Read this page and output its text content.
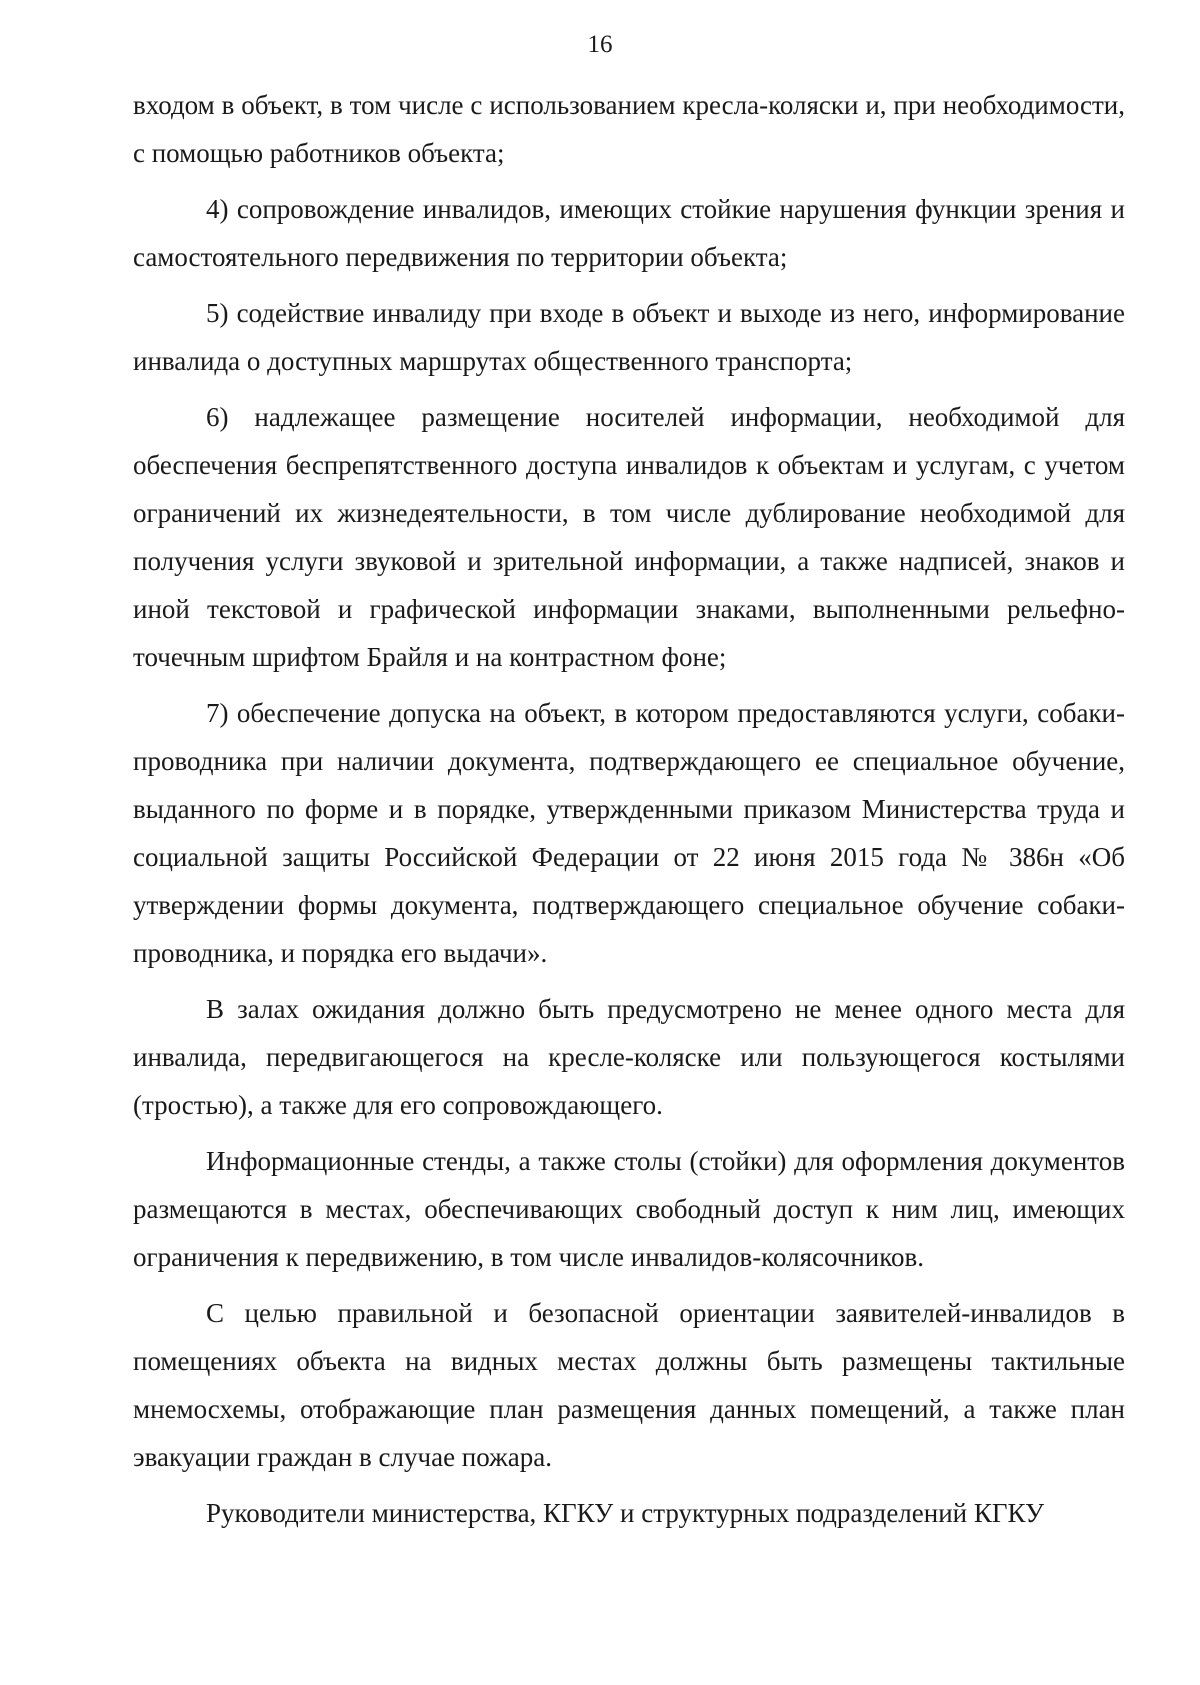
16

входом в объект, в том числе с использованием кресла-коляски и, при необходимости, с помощью работников объекта;

4) сопровождение инвалидов, имеющих стойкие нарушения функции зрения и самостоятельного передвижения по территории объекта;

5) содействие инвалиду при входе в объект и выходе из него, информирование инвалида о доступных маршрутах общественного транспорта;

6) надлежащее размещение носителей информации, необходимой для обеспечения беспрепятственного доступа инвалидов к объектам и услугам, с учетом ограничений их жизнедеятельности, в том числе дублирование необходимой для получения услуги звуковой и зрительной информации, а также надписей, знаков и иной текстовой и графической информации знаками, выполненными рельефно-точечным шрифтом Брайля и на контрастном фоне;

7) обеспечение допуска на объект, в котором предоставляются услуги, собаки-проводника при наличии документа, подтверждающего ее специальное обучение, выданного по форме и в порядке, утвержденными приказом Министерства труда и социальной защиты Российской Федерации от 22 июня 2015 года № 386н «Об утверждении формы документа, подтверждающего специальное обучение собаки-проводника, и порядка его выдачи».

В залах ожидания должно быть предусмотрено не менее одного места для инвалида, передвигающегося на кресле-коляске или пользующегося костылями (тростью), а также для его сопровождающего.

Информационные стенды, а также столы (стойки) для оформления документов размещаются в местах, обеспечивающих свободный доступ к ним лиц, имеющих ограничения к передвижению, в том числе инвалидов-колясочников.

С целью правильной и безопасной ориентации заявителей-инвалидов в помещениях объекта на видных местах должны быть размещены тактильные мнемосхемы, отображающие план размещения данных помещений, а также план эвакуации граждан в случае пожара.

Руководители министерства, КГКУ и структурных подразделений КГКУ
